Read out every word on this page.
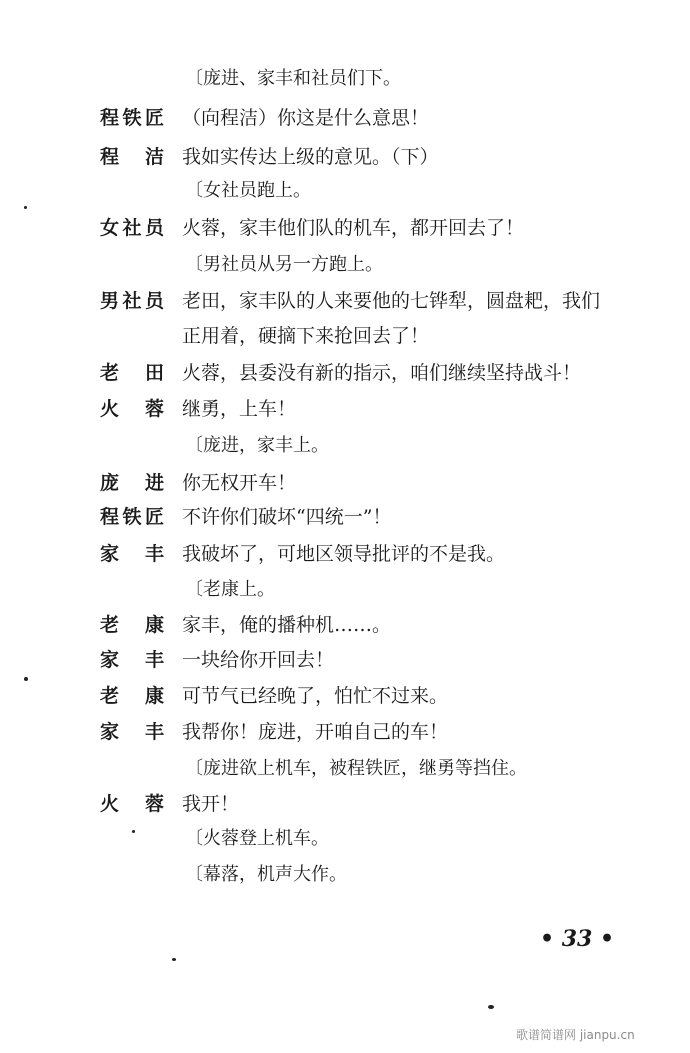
〔庞进、家丰和社员们下。
程 铁 匠 （向程洁）你这是什么意思！
程 洁 我如实传达上级的意见。（下）
〔女社员跑上。
女 社 员 火蓉，家丰他们队的机车，都开回去了！
〔男社员从另一方跑上。
男 社 员 老田，家丰队的人来要他的七铧犁，圆盘耙，我们
正用着，硬摘下来抢回去了！
老 田 火蓉，县委没有新的指示，咱们继续坚持战斗！
火 蓉 继勇，上车！
〔庞进，家丰上。
庞 进 你无权开车！
程 铁 匠 不许你们破坏“四统一”！
家 丰 我破坏了，可地区领导批评的不是我。
〔老康上。
老 康 家丰，俺的播种机……。
家 丰 一块给你开回去！
老 康 可节气已经晚了，怕忙不过来。
家 丰 我帮你！庞进，开咱自己的车！
〔庞进欲上机车，被程铁匠，继勇等挡住。
火 蓉 我开！
〔火蓉登上机车。
〔幕落，机声大作。
• 33 •
歌谱简谱网 jianpu.cn
